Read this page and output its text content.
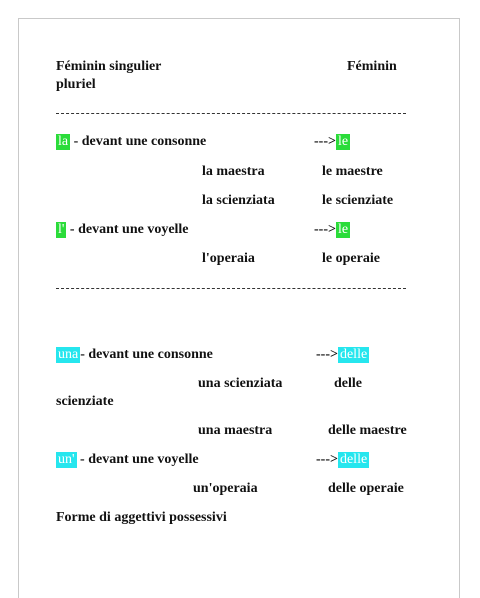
Féminin singulier	Féminin
pluriel
la - devant une consonne	---> le
la maestra	le maestre
la scienziata	le scienziate
l' - devant une voyelle	---> le
l'operaia	le operaie
una - devant une consonne	---> delle
una scienziata	delle
scienziate
una maestra	delle maestre
un' - devant une voyelle	---> delle
un'operaia	delle operaie
Forme di aggettivi possessivi
